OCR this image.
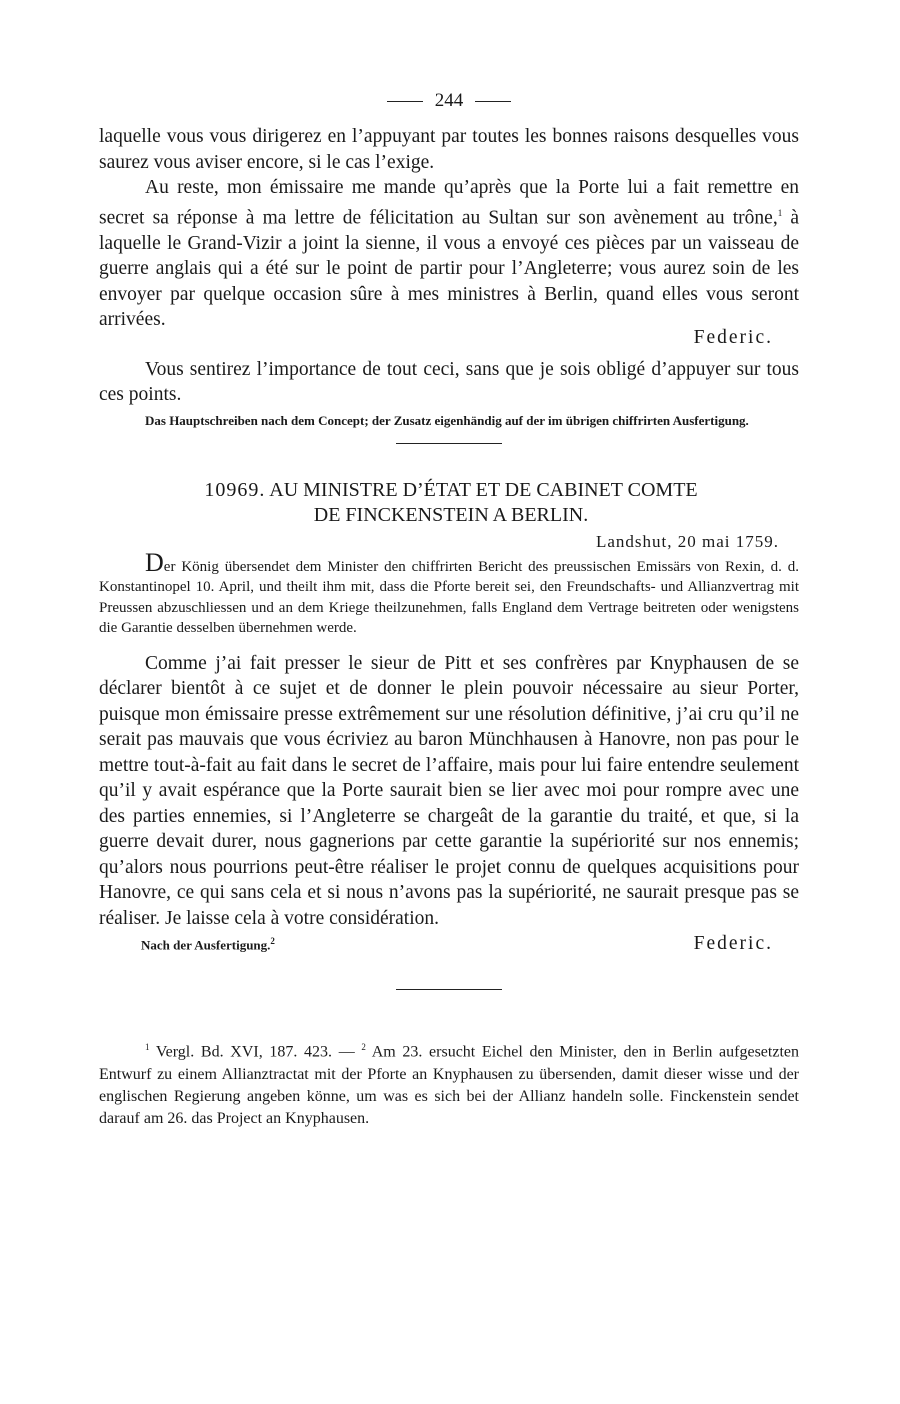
244

laquelle vous vous dirigerez en l’appuyant par toutes les bonnes raisons desquelles vous saurez vous aviser encore, si le cas l’exige.

Au reste, mon émissaire me mande qu’après que la Porte lui a fait remettre en secret sa réponse à ma lettre de félicitation au Sultan sur son avènement au trône,$^1$ à laquelle le Grand-Vizir a joint la sienne, il vous a envoyé ces pièces par un vaisseau de guerre anglais qui a été sur le point de partir pour l’Angleterre; vous aurez soin de les envoyer par quelque occasion sûre à mes ministres à Berlin, quand elles vous seront arrivées.

Federic.

Vous sentirez l’importance de tout ceci, sans que je sois obligé d’appuyer sur tous ces points.

Das Hauptschreiben nach dem Concept; der Zusatz eigenhändig auf der im übrigen chiffrirten Ausfertigung.

10969. AU MINISTRE D’ÉTAT ET DE CABINET COMTE
DE FINCKENSTEIN A BERLIN.

Landshut, 20 mai 1759.

Der König übersendet dem Minister den chiffrirten Bericht des preussischen Emissärs von Rexin, d. d. Konstantinopel 10. April, und theilt ihm mit, dass die Pforte bereit sei, den Freundschafts- und Allianzvertrag mit Preussen abzuschliessen und an dem Kriege theilzunehmen, falls England dem Vertrage beitreten oder wenigstens die Garantie desselben übernehmen werde.

Comme j’ai fait presser le sieur de Pitt et ses confrères par Knyphausen de se déclarer bientôt à ce sujet et de donner le plein pouvoir nécessaire au sieur Porter, puisque mon émissaire presse extrêmement sur une résolution définitive, j’ai cru qu’il ne serait pas mauvais que vous écriviez au baron Münchhausen à Hanovre, non pas pour le mettre tout-à-fait au fait dans le secret de l’affaire, mais pour lui faire entendre seulement qu’il y avait espérance que la Porte saurait bien se lier avec moi pour rompre avec une des parties ennemies, si l’Angleterre se chargeât de la garantie du traité, et que, si la guerre devait durer, nous gagnerions par cette garantie la supériorité sur nos ennemis; qu’alors nous pourrions peut-être réaliser le projet connu de quelques acquisitions pour Hanovre, ce qui sans cela et si nous n’avons pas la supériorité, ne saurait presque pas se réaliser. Je laisse cela à votre considération.

Nach der Ausfertigung.$^2$	Federic.

$^1$ Vergl. Bd. XVI, 187. 423. — $^2$ Am 23. ersucht Eichel den Minister, den in Berlin aufgesetzten Entwurf zu einem Allianztractat mit der Pforte an Knyphausen zu übersenden, damit dieser wisse und der englischen Regierung angeben könne, um was es sich bei der Allianz handeln solle. Finckenstein sendet darauf am 26. das Project an Knyphausen.
